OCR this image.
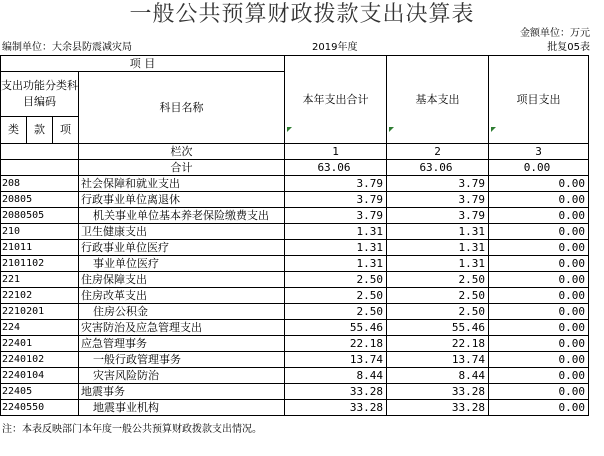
一般公共预算财政拨款支出决算表
金额单位：万元
编制单位：大余县防震减灾局	2019年度	批复05表
项 目				本年支出合计	基本支出	项目支出
支出功能分类科目编码			科目名称			

类	款	项				
			栏次	1	2	3
			合计	63.06	63.06	0.00
208			社会保障和就业支出	3.79	3.79	0.00
20805			行政事业单位离退休	3.79	3.79	0.00
2080505			机关事业单位基本养老保险缴费支出	3.79	3.79	0.00
210			卫生健康支出	1.31	1.31	0.00
21011			行政事业单位医疗	1.31	1.31	0.00
2101102			事业单位医疗	1.31	1.31	0.00
221			住房保障支出	2.50	2.50	0.00
22102			住房改革支出	2.50	2.50	0.00
2210201			住房公积金	2.50	2.50	0.00
224			灾害防治及应急管理支出	55.46	55.46	0.00
22401			应急管理事务	22.18	22.18	0.00
2240102			一般行政管理事务	13.74	13.74	0.00
2240104			灾害风险防治	8.44	8.44	0.00
22405			地震事务	33.28	33.28	0.00
2240550			地震事业机构	33.28	33.28	0.00
注：本表反映部门本年度一般公共预算财政拨款支出情况。
